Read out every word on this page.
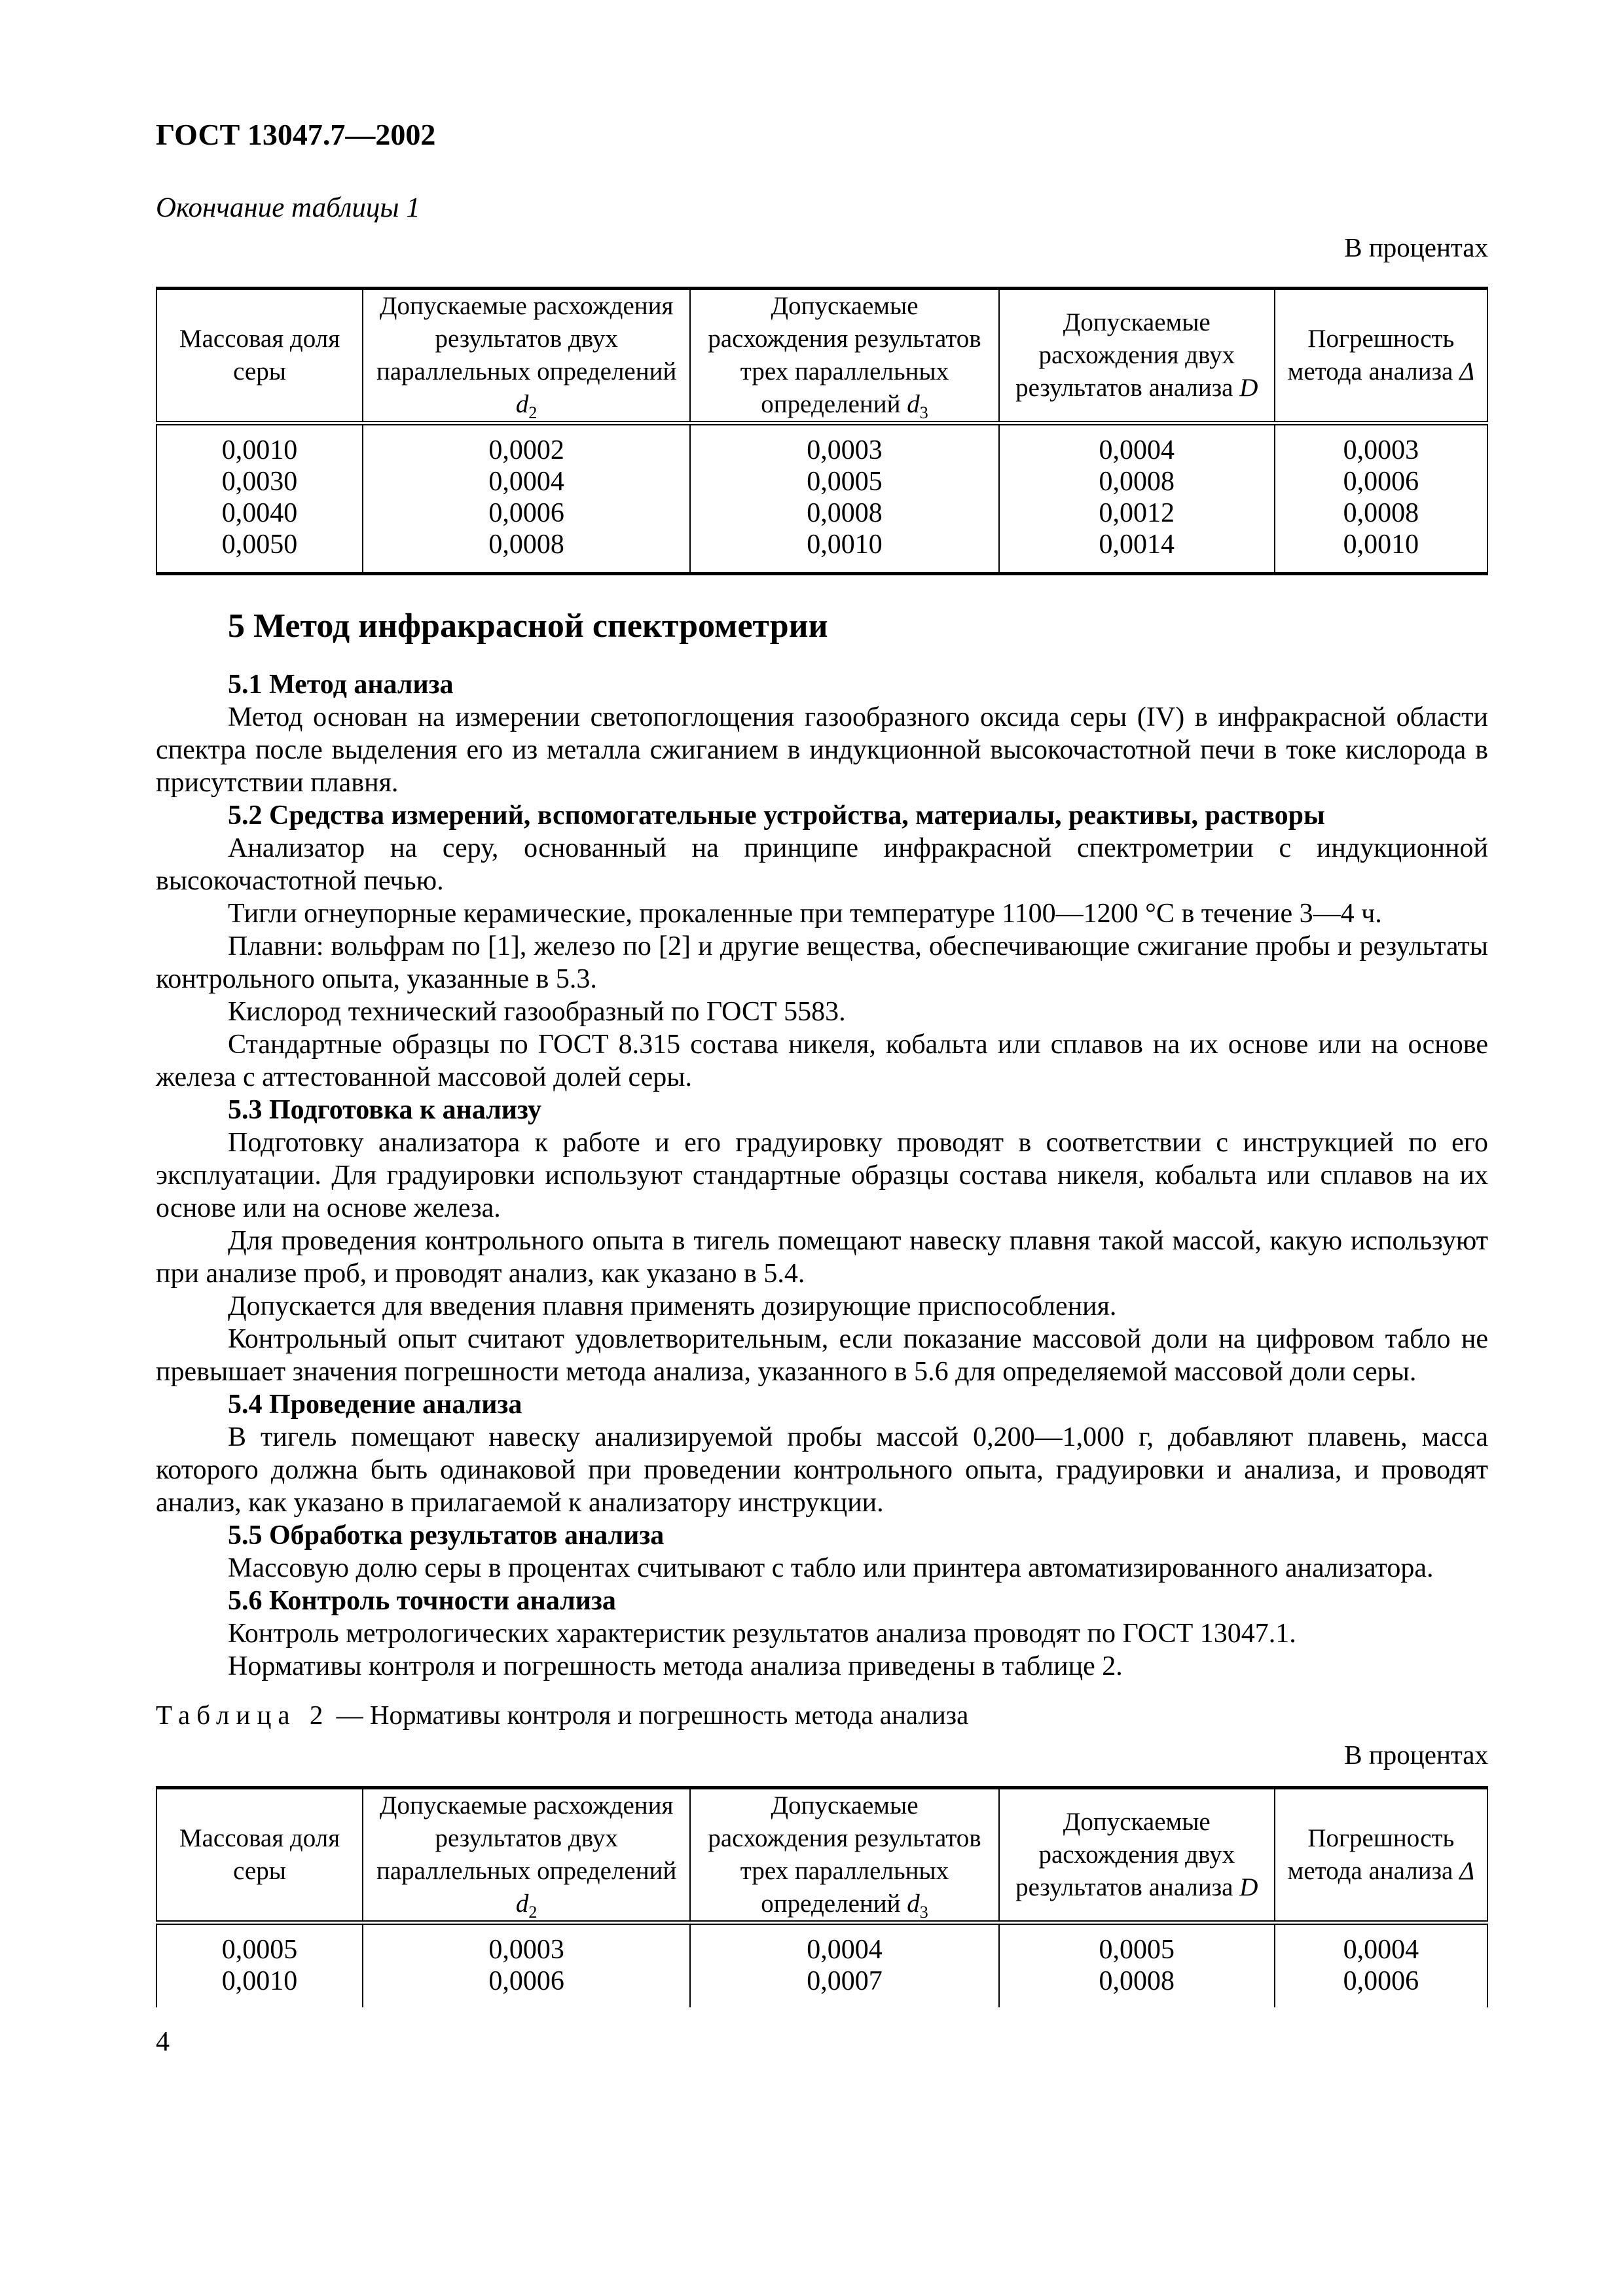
ГОСТ 13047.7—2002

Окончание таблицы 1

В процентах

Массовая доля серы	Допускаемые расхождения результатов двух параллельных определений $d_2$	Допускаемые расхождения результатов трех параллельных определений $d_3$	Допускаемые расхождения двух результатов анализа D	Погрешность метода анализа Δ
0,0010	0,0002	0,0003	0,0004	0,0003
0,0030	0,0004	0,0005	0,0008	0,0006
0,0040	0,0006	0,0008	0,0012	0,0008
0,0050	0,0008	0,0010	0,0014	0,0010

5 Метод инфракрасной спектрометрии

5.1 Метод анализа

Метод основан на измерении светопоглощения газообразного оксида серы (IV) в инфракрасной области спектра после выделения его из металла сжиганием в индукционной высокочастотной печи в токе кислорода в присутствии плавня.

5.2 Средства измерений, вспомогательные устройства, материалы, реактивы, растворы

Анализатор на серу, основанный на принципе инфракрасной спектрометрии с индукционной высокочастотной печью.

Тигли огнеупорные керамические, прокаленные при температуре 1100—1200 °С в течение 3—4 ч.

Плавни: вольфрам по [1], железо по [2] и другие вещества, обеспечивающие сжигание пробы и результаты контрольного опыта, указанные в 5.3.

Кислород технический газообразный по ГОСТ 5583.

Стандартные образцы по ГОСТ 8.315 состава никеля, кобальта или сплавов на их основе или на основе железа с аттестованной массовой долей серы.

5.3 Подготовка к анализу

Подготовку анализатора к работе и его градуировку проводят в соответствии с инструкцией по его эксплуатации. Для градуировки используют стандартные образцы состава никеля, кобальта или сплавов на их основе или на основе железа.

Для проведения контрольного опыта в тигель помещают навеску плавня такой массой, какую используют при анализе проб, и проводят анализ, как указано в 5.4.

Допускается для введения плавня применять дозирующие приспособления.

Контрольный опыт считают удовлетворительным, если показание массовой доли на цифровом табло не превышает значения погрешности метода анализа, указанного в 5.6 для определяемой массовой доли серы.

5.4 Проведение анализа

В тигель помещают навеску анализируемой пробы массой 0,200—1,000 г, добавляют плавень, масса которого должна быть одинаковой при проведении контрольного опыта, градуировки и анализа, и проводят анализ, как указано в прилагаемой к анализатору инструкции.

5.5 Обработка результатов анализа

Массовую долю серы в процентах считывают с табло или принтера автоматизированного анализатора.

5.6 Контроль точности анализа

Контроль метрологических характеристик результатов анализа проводят по ГОСТ 13047.1.

Нормативы контроля и погрешность метода анализа приведены в таблице 2.

Таблица 2 — Нормативы контроля и погрешность метода анализа

В процентах

Массовая доля серы	Допускаемые расхождения результатов двух параллельных определений $d_2$	Допускаемые расхождения результатов трех параллельных определений $d_3$	Допускаемые расхождения двух результатов анализа D	Погрешность метода анализа Δ
0,0005	0,0003	0,0004	0,0005	0,0004
0,0010	0,0006	0,0007	0,0008	0,0006

4
